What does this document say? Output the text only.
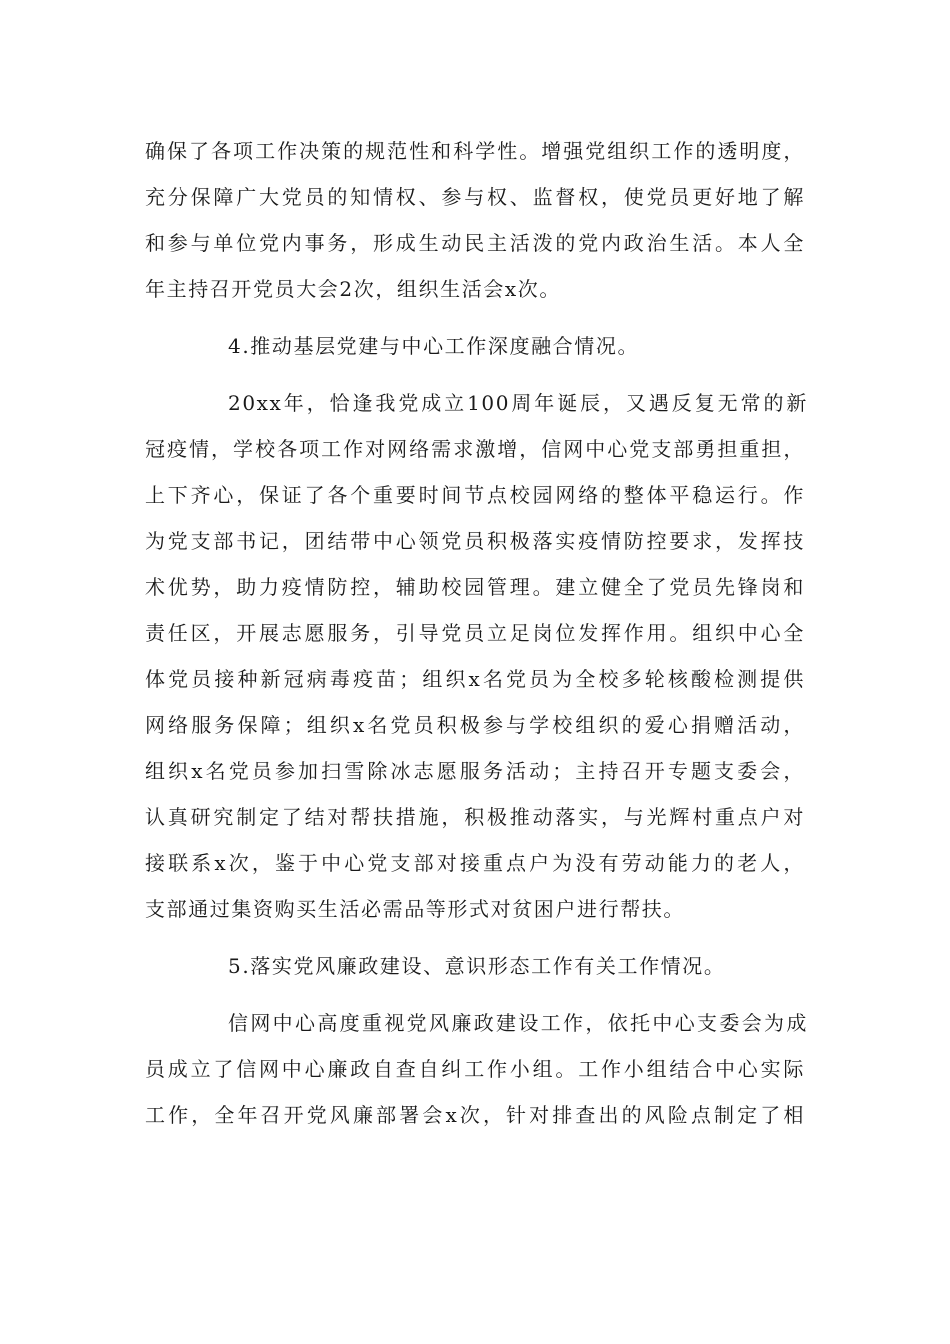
确保了各项工作决策的规范性和科学性。增强党组织工作的透明度，
充分保障广大党员的知情权、参与权、监督权，使党员更好地了解
和参与单位党内事务，形成生动民主活泼的党内政治生活。本人全
年主持召开党员大会2次，组织生活会x次。
4.推动基层党建与中心工作深度融合情况。
20xx年，恰逢我党成立100周年诞辰，又遇反复无常的新
冠疫情，学校各项工作对网络需求激增，信网中心党支部勇担重担，
上下齐心，保证了各个重要时间节点校园网络的整体平稳运行。作
为党支部书记，团结带中心领党员积极落实疫情防控要求，发挥技
术优势，助力疫情防控，辅助校园管理。建立健全了党员先锋岗和
责任区，开展志愿服务，引导党员立足岗位发挥作用。组织中心全
体党员接种新冠病毒疫苗；组织x名党员为全校多轮核酸检测提供
网络服务保障；组织x名党员积极参与学校组织的爱心捐赠活动，
组织x名党员参加扫雪除冰志愿服务活动；主持召开专题支委会，
认真研究制定了结对帮扶措施，积极推动落实，与光辉村重点户对
接联系x次，鉴于中心党支部对接重点户为没有劳动能力的老人，
支部通过集资购买生活必需品等形式对贫困户进行帮扶。
5.落实党风廉政建设、意识形态工作有关工作情况。
信网中心高度重视党风廉政建设工作，依托中心支委会为成
员成立了信网中心廉政自查自纠工作小组。工作小组结合中心实际
工作，全年召开党风廉部署会x次，针对排查出的风险点制定了相
